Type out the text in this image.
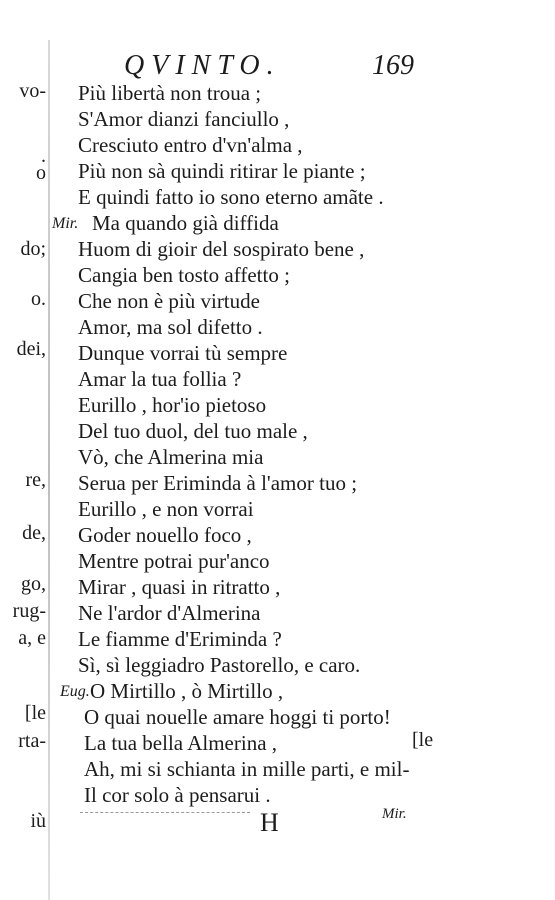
vo-
.
o
do;
o.
dei,
re,
de,
go,
rug-
a, e
[le
rta-
iù
QVINTO.	169
Più libertà non troua ;
S'Amor dianzi fanciullo ,
Cresciuto entro d'vn'alma ,
Più non sà quindi ritirar le piante ;
E quindi fatto io sono eterno amãte .
Mir. Ma quando già diffida
Huom di gioir del sospirato bene ,
Cangia ben tosto affetto ;
Che non è più virtude
Amor, ma sol difetto .
Dunque vorrai tù sempre
Amar la tua follia ?
Eurillo , hor'io pietoso
Del tuo duol, del tuo male ,
Vò, che Almerina mia
Serua per Eriminda à l'amor tuo ;
Eurillo , e non vorrai
Goder nouello foco ,
Mentre potrai pur'anco
Mirar , quasi in ritratto ,
Ne l'ardor d'Almerina
Le fiamme d'Eriminda ?
Sì, sì leggiadro Pastorello, e caro.
Eug. O Mirtillo , ò Mirtillo ,
O quai nouelle amare hoggi ti porto!
La tua bella Almerina ,	[le
Ah, mi si schianta in mille parti, e mil-
Il cor solo à pensarui .
H	Mir.
